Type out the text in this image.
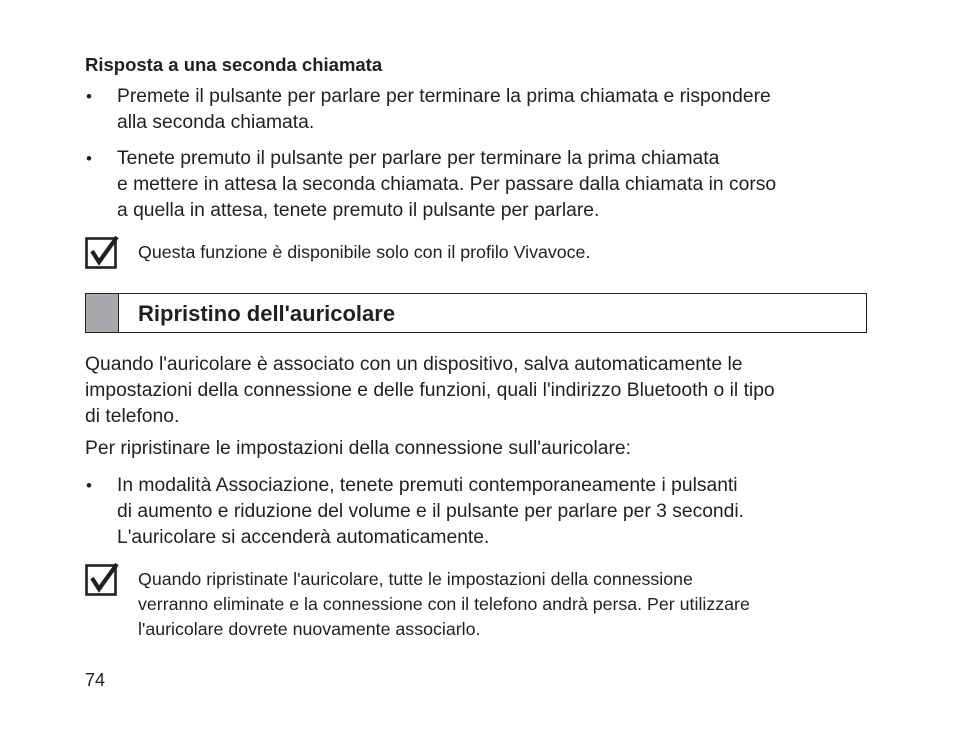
Risposta a una seconda chiamata
• Premete il pulsante per parlare per terminare la prima chiamata e rispondere
alla seconda chiamata.
• Tenete premuto il pulsante per parlare per terminare la prima chiamata
e mettere in attesa la seconda chiamata. Per passare dalla chiamata in corso
a quella in attesa, tenete premuto il pulsante per parlare.
Questa funzione è disponibile solo con il profilo Vivavoce.
Ripristino dell'auricolare
Quando l'auricolare è associato con un dispositivo, salva automaticamente le
impostazioni della connessione e delle funzioni, quali l'indirizzo Bluetooth o il tipo
di telefono.
Per ripristinare le impostazioni della connessione sull'auricolare:
• In modalità Associazione, tenete premuti contemporaneamente i pulsanti
di aumento e riduzione del volume e il pulsante per parlare per 3 secondi.
L'auricolare si accenderà automaticamente.
Quando ripristinate l'auricolare, tutte le impostazioni della connessione
verranno eliminate e la connessione con il telefono andrà persa. Per utilizzare
l'auricolare dovrete nuovamente associarlo.
74
